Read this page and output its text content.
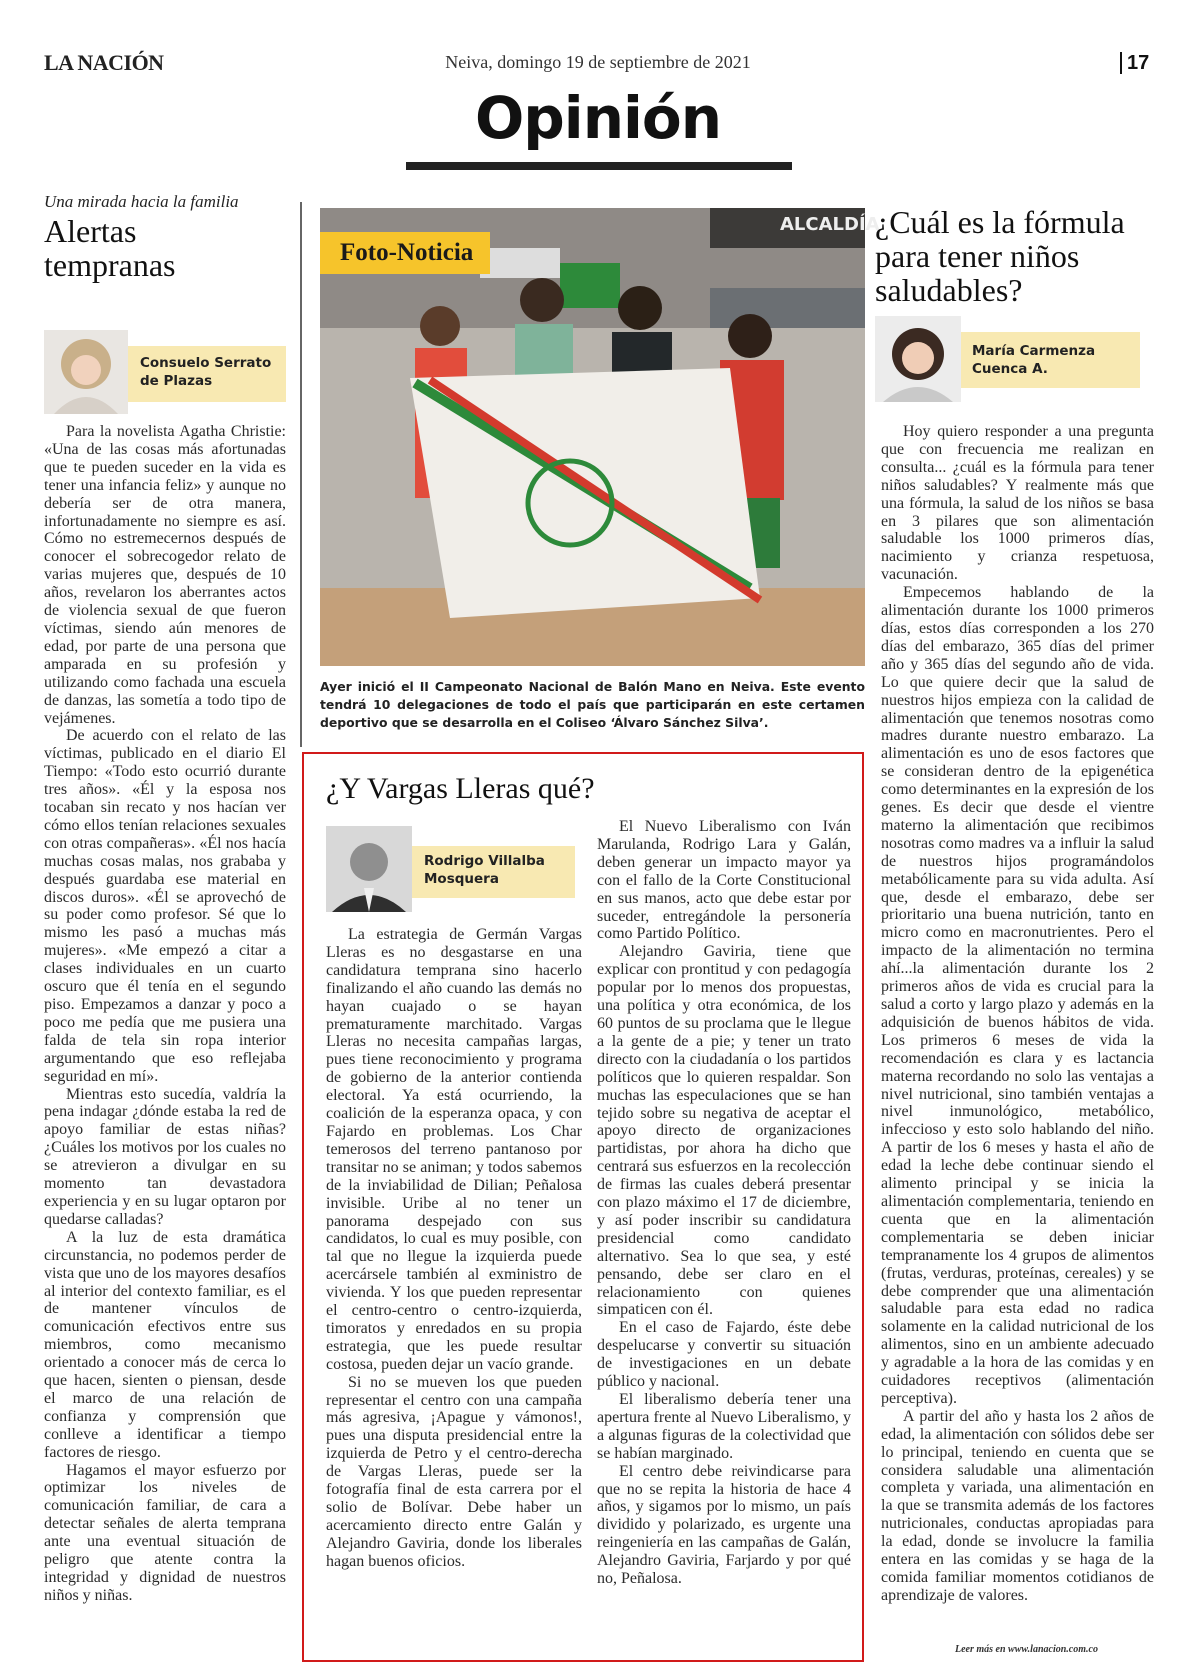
LA NACIÓN	Neiva, domingo 19 de septiembre de 2021	17
Opinión
Una mirada hacia la familia
Alertas
tempranas
Consuelo Serrato
de Plazas

Para la novelista Agatha Christie: «Una de las cosas más afortunadas que te pueden suceder en la vida es tener una infancia feliz» y aunque no debería ser de otra manera, infortunadamente no siempre es así. Cómo no estremecernos después de conocer el sobrecogedor relato de varias mujeres que, después de 10 años, revelaron los aberrantes actos de violencia sexual de que fueron víctimas, siendo aún menores de edad, por parte de una persona que amparada en su profesión y utilizando como fachada una escuela de danzas, las sometía a todo tipo de vejámenes.

De acuerdo con el relato de las víctimas, publicado en el diario El Tiempo: «Todo esto ocurrió durante tres años». «Él y la esposa nos tocaban sin recato y nos hacían ver cómo ellos tenían relaciones sexuales con otras compañeras». «Él nos hacía muchas cosas malas, nos grababa y después guardaba ese material en discos duros». «Él se aprovechó de su poder como profesor. Sé que lo mismo les pasó a muchas más mujeres». «Me empezó a citar a clases individuales en un cuarto oscuro que él tenía en el segundo piso. Empezamos a danzar y poco a poco me pedía que me pusiera una falda de tela sin ropa interior argumentando que eso reflejaba seguridad en mí».

Mientras esto sucedía, valdría la pena indagar ¿dónde estaba la red de apoyo familiar de estas niñas? ¿Cuáles los motivos por los cuales no se atrevieron a divulgar en su momento tan devastadora experiencia y en su lugar optaron por quedarse calladas?

A la luz de esta dramática circunstancia, no podemos perder de vista que uno de los mayores desafíos al interior del contexto familiar, es el de mantener vínculos de comunicación efectivos entre sus miembros, como mecanismo orientado a conocer más de cerca lo que hacen, sienten o piensan, desde el marco de una relación de confianza y comprensión que conlleve a identificar a tiempo factores de riesgo.

Hagamos el mayor esfuerzo por optimizar los niveles de comunicación familiar, de cara a detectar señales de alerta temprana ante una eventual situación de peligro que atente contra la integridad y dignidad de nuestros niños y niñas.

ALCALDÍA
Foto-Noticia
Ayer inició el II Campeonato Nacional de Balón Mano en Neiva. Este evento tendrá 10 delegaciones de todo el país que participarán en este certamen deportivo que se desarrolla en el Coliseo ‘Álvaro Sánchez Silva’.
¿Y Vargas Lleras qué?
Rodrigo Villalba
Mosquera

La estrategia de Germán Vargas Lleras es no desgastarse en una candidatura temprana sino hacerlo finalizando el año cuando las demás no hayan cuajado o se hayan prematuramente marchitado. Vargas Lleras no necesita campañas largas, pues tiene reconocimiento y programa de gobierno de la anterior contienda electoral. Ya está ocurriendo, la coalición de la esperanza opaca, y con Fajardo en problemas. Los Char temerosos del terreno pantanoso por transitar no se animan; y todos sabemos de la inviabilidad de Dilian; Peñalosa invisible. Uribe al no tener un panorama despejado con sus candidatos, lo cual es muy posible, con tal que no llegue la izquierda puede acercársele también al exministro de vivienda. Y los que pueden representar el centro-centro o centro-izquierda, timoratos y enredados en su propia estrategia, que les puede resultar costosa, pueden dejar un vacío grande.

Si no se mueven los que pueden representar el centro con una campaña más agresiva, ¡Apague y vámonos!, pues una disputa presidencial entre la izquierda de Petro y el centro-derecha de Vargas Lleras, puede ser la fotografía final de esta carrera por el solio de Bolívar. Debe haber un acercamiento directo entre Galán y Alejandro Gaviria, donde los liberales hagan buenos oficios.

El Nuevo Liberalismo con Iván Marulanda, Rodrigo Lara y Galán, deben generar un impacto mayor ya con el fallo de la Corte Constitucional en sus manos, acto que debe estar por suceder, entregándole la personería como Partido Político.

Alejandro Gaviria, tiene que explicar con prontitud y con pedagogía popular por lo menos dos propuestas, una política y otra económica, de los 60 puntos de su proclama que le llegue a la gente de a pie; y tener un trato directo con la ciudadanía o los partidos políticos que lo quieren respaldar. Son muchas las especulaciones que se han tejido sobre su negativa de aceptar el apoyo directo de organizaciones partidistas, por ahora ha dicho que centrará sus esfuerzos en la recolección de firmas las cuales deberá presentar con plazo máximo el 17 de diciembre, y así poder inscribir su candidatura presidencial como candidato alternativo. Sea lo que sea, y esté pensando, debe ser claro en el relacionamiento con quienes simpaticen con él.

En el caso de Fajardo, éste debe despelucarse y convertir su situación de investigaciones en un debate público y nacional.

El liberalismo debería tener una apertura frente al Nuevo Liberalismo, y a algunas figuras de la colectividad que se habían marginado.

El centro debe reivindicarse para que no se repita la historia de hace 4 años, y sigamos por lo mismo, un país dividido y polarizado, es urgente una reingeniería en las campañas de Galán, Alejandro Gaviria, Farjardo y por qué no, Peñalosa.

¿Cuál es la fórmula
para tener niños
saludables?
María Carmenza
Cuenca A.

Hoy quiero responder a una pregunta que con frecuencia me realizan en consulta... ¿cuál es la fórmula para tener niños saludables? Y realmente más que una fórmula, la salud de los niños se basa en 3 pilares que son alimentación saludable los 1000 primeros días, nacimiento y crianza respetuosa, vacunación.

Empecemos hablando de la alimentación durante los 1000 primeros días, estos días corresponden a los 270 días del embarazo, 365 días del primer año y 365 días del segundo año de vida. Lo que quiere decir que la salud de nuestros hijos empieza con la calidad de alimentación que tenemos nosotras como madres durante nuestro embarazo. La alimentación es uno de esos factores que se consideran dentro de la epigenética como determinantes en la expresión de los genes. Es decir que desde el vientre materno la alimentación que recibimos nosotras como madres va a influir la salud de nuestros hijos programándolos metabólicamente para su vida adulta. Así que, desde el embarazo, debe ser prioritario una buena nutrición, tanto en micro como en macronutrientes. Pero el impacto de la alimentación no termina ahí...la alimentación durante los 2 primeros años de vida es crucial para la salud a corto y largo plazo y además en la adquisición de buenos hábitos de vida. Los primeros 6 meses de vida la recomendación es clara y es lactancia materna recordando no solo las ventajas a nivel nutricional, sino también ventajas a nivel inmunológico, metabólico, infeccioso y esto solo hablando del niño. A partir de los 6 meses y hasta el año de edad la leche debe continuar siendo el alimento principal y se inicia la alimentación complementaria, teniendo en cuenta que en la alimentación complementaria se deben iniciar tempranamente los 4 grupos de alimentos (frutas, verduras, proteínas, cereales) y se debe comprender que una alimentación saludable para esta edad no radica solamente en la calidad nutricional de los alimentos, sino en un ambiente adecuado y agradable a la hora de las comidas y en cuidadores receptivos (alimentación perceptiva).

A partir del año y hasta los 2 años de edad, la alimentación con sólidos debe ser lo principal, teniendo en cuenta que se considera saludable una alimentación completa y variada, una alimentación en la que se transmita además de los factores nutricionales, conductas apropiadas para la edad, donde se involucre la familia entera en las comidas y se haga de la comida familiar momentos cotidianos de aprendizaje de valores.

Leer más en www.lanacion.com.co
